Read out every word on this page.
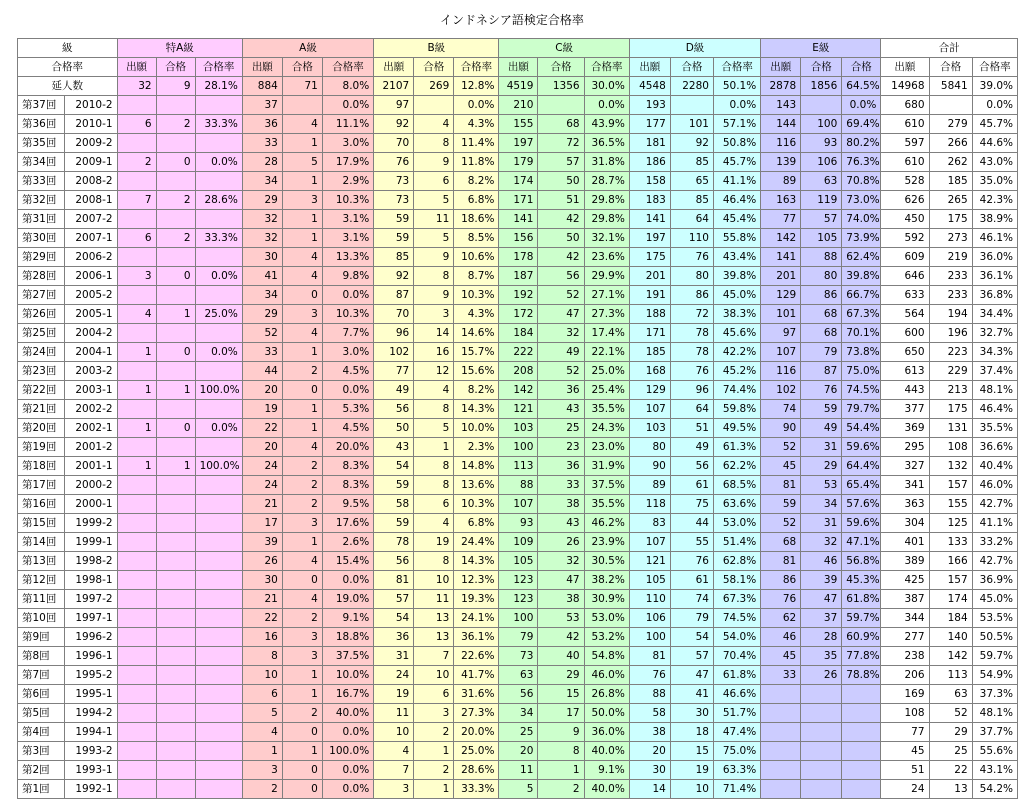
インドネシア語検定合格率
級		特A級			A級			B級			C級			D級			E級			合計		
合格率		出願	合格	合格率	出願	合格	合格率	出願	合格	合格率	出願	合格	合格率	出願	合格	合格率	出願	合格	合格	出願	合格	合格率
延人数		32	9	28.1%	884	71	8.0%	2107	269	12.8%	4519	1356	30.0%	4548	2280	50.1%	2878	1856	64.5%	14968	5841	39.0%
第37回	2010-2				37		0.0%	97		0.0%	210		0.0%	193		0.0%	143		0.0%	680		0.0%
第36回	2010-1	6	2	33.3%	36	4	11.1%	92	4	4.3%	155	68	43.9%	177	101	57.1%	144	100	69.4%	610	279	45.7%
第35回	2009-2				33	1	3.0%	70	8	11.4%	197	72	36.5%	181	92	50.8%	116	93	80.2%	597	266	44.6%
第34回	2009-1	2	0	0.0%	28	5	17.9%	76	9	11.8%	179	57	31.8%	186	85	45.7%	139	106	76.3%	610	262	43.0%
第33回	2008-2				34	1	2.9%	73	6	8.2%	174	50	28.7%	158	65	41.1%	89	63	70.8%	528	185	35.0%
第32回	2008-1	7	2	28.6%	29	3	10.3%	73	5	6.8%	171	51	29.8%	183	85	46.4%	163	119	73.0%	626	265	42.3%
第31回	2007-2				32	1	3.1%	59	11	18.6%	141	42	29.8%	141	64	45.4%	77	57	74.0%	450	175	38.9%
第30回	2007-1	6	2	33.3%	32	1	3.1%	59	5	8.5%	156	50	32.1%	197	110	55.8%	142	105	73.9%	592	273	46.1%
第29回	2006-2				30	4	13.3%	85	9	10.6%	178	42	23.6%	175	76	43.4%	141	88	62.4%	609	219	36.0%
第28回	2006-1	3	0	0.0%	41	4	9.8%	92	8	8.7%	187	56	29.9%	201	80	39.8%	201	80	39.8%	646	233	36.1%
第27回	2005-2				34	0	0.0%	87	9	10.3%	192	52	27.1%	191	86	45.0%	129	86	66.7%	633	233	36.8%
第26回	2005-1	4	1	25.0%	29	3	10.3%	70	3	4.3%	172	47	27.3%	188	72	38.3%	101	68	67.3%	564	194	34.4%
第25回	2004-2				52	4	7.7%	96	14	14.6%	184	32	17.4%	171	78	45.6%	97	68	70.1%	600	196	32.7%
第24回	2004-1	1	0	0.0%	33	1	3.0%	102	16	15.7%	222	49	22.1%	185	78	42.2%	107	79	73.8%	650	223	34.3%
第23回	2003-2				44	2	4.5%	77	12	15.6%	208	52	25.0%	168	76	45.2%	116	87	75.0%	613	229	37.4%
第22回	2003-1	1	1	100.0%	20	0	0.0%	49	4	8.2%	142	36	25.4%	129	96	74.4%	102	76	74.5%	443	213	48.1%
第21回	2002-2				19	1	5.3%	56	8	14.3%	121	43	35.5%	107	64	59.8%	74	59	79.7%	377	175	46.4%
第20回	2002-1	1	0	0.0%	22	1	4.5%	50	5	10.0%	103	25	24.3%	103	51	49.5%	90	49	54.4%	369	131	35.5%
第19回	2001-2				20	4	20.0%	43	1	2.3%	100	23	23.0%	80	49	61.3%	52	31	59.6%	295	108	36.6%
第18回	2001-1	1	1	100.0%	24	2	8.3%	54	8	14.8%	113	36	31.9%	90	56	62.2%	45	29	64.4%	327	132	40.4%
第17回	2000-2				24	2	8.3%	59	8	13.6%	88	33	37.5%	89	61	68.5%	81	53	65.4%	341	157	46.0%
第16回	2000-1				21	2	9.5%	58	6	10.3%	107	38	35.5%	118	75	63.6%	59	34	57.6%	363	155	42.7%
第15回	1999-2				17	3	17.6%	59	4	6.8%	93	43	46.2%	83	44	53.0%	52	31	59.6%	304	125	41.1%
第14回	1999-1				39	1	2.6%	78	19	24.4%	109	26	23.9%	107	55	51.4%	68	32	47.1%	401	133	33.2%
第13回	1998-2				26	4	15.4%	56	8	14.3%	105	32	30.5%	121	76	62.8%	81	46	56.8%	389	166	42.7%
第12回	1998-1				30	0	0.0%	81	10	12.3%	123	47	38.2%	105	61	58.1%	86	39	45.3%	425	157	36.9%
第11回	1997-2				21	4	19.0%	57	11	19.3%	123	38	30.9%	110	74	67.3%	76	47	61.8%	387	174	45.0%
第10回	1997-1				22	2	9.1%	54	13	24.1%	100	53	53.0%	106	79	74.5%	62	37	59.7%	344	184	53.5%
第9回	1996-2				16	3	18.8%	36	13	36.1%	79	42	53.2%	100	54	54.0%	46	28	60.9%	277	140	50.5%
第8回	1996-1				8	3	37.5%	31	7	22.6%	73	40	54.8%	81	57	70.4%	45	35	77.8%	238	142	59.7%
第7回	1995-2				10	1	10.0%	24	10	41.7%	63	29	46.0%	76	47	61.8%	33	26	78.8%	206	113	54.9%
第6回	1995-1				6	1	16.7%	19	6	31.6%	56	15	26.8%	88	41	46.6%				169	63	37.3%
第5回	1994-2				5	2	40.0%	11	3	27.3%	34	17	50.0%	58	30	51.7%				108	52	48.1%
第4回	1994-1				4	0	0.0%	10	2	20.0%	25	9	36.0%	38	18	47.4%				77	29	37.7%
第3回	1993-2				1	1	100.0%	4	1	25.0%	20	8	40.0%	20	15	75.0%				45	25	55.6%
第2回	1993-1				3	0	0.0%	7	2	28.6%	11	1	9.1%	30	19	63.3%				51	22	43.1%
第1回	1992-1				2	0	0.0%	3	1	33.3%	5	2	40.0%	14	10	71.4%				24	13	54.2%
